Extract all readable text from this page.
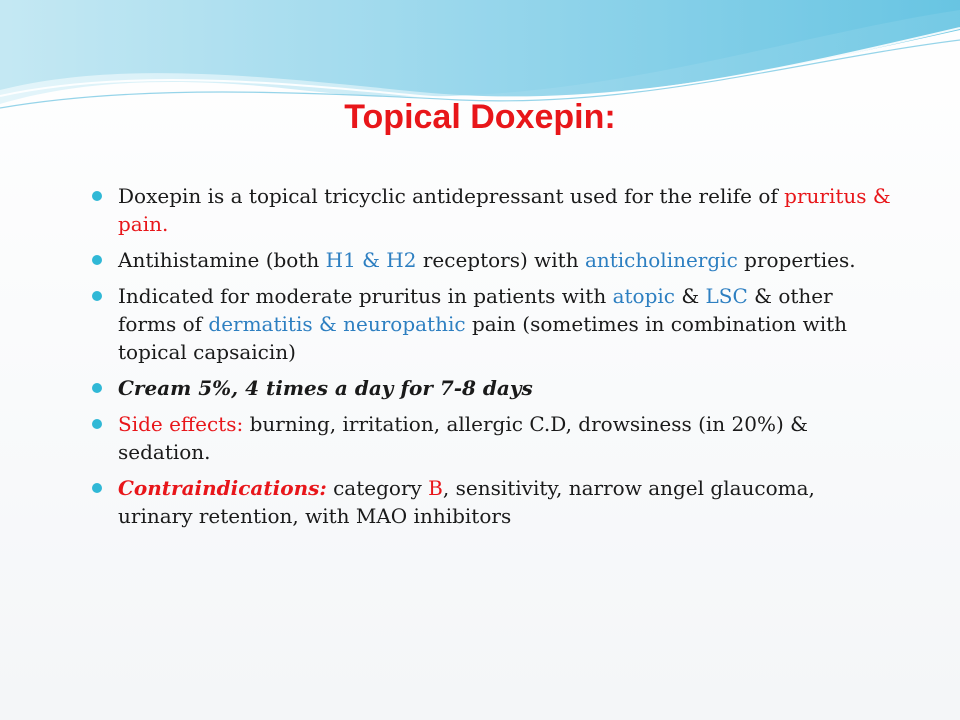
Topical Doxepin:
Doxepin is a topical tricyclic antidepressant used for the relife of pruritus & pain.
Antihistamine (both H1 & H2 receptors) with anticholinergic properties.
Indicated for moderate pruritus in patients with atopic & LSC & other forms of dermatitis & neuropathic pain (sometimes in combination with topical capsaicin)
Cream 5%, 4 times a day for 7-8 days
Side effects: burning, irritation, allergic C.D, drowsiness (in 20%) & sedation.
Contraindications: category B, sensitivity, narrow angel glaucoma, urinary retention, with MAO inhibitors
